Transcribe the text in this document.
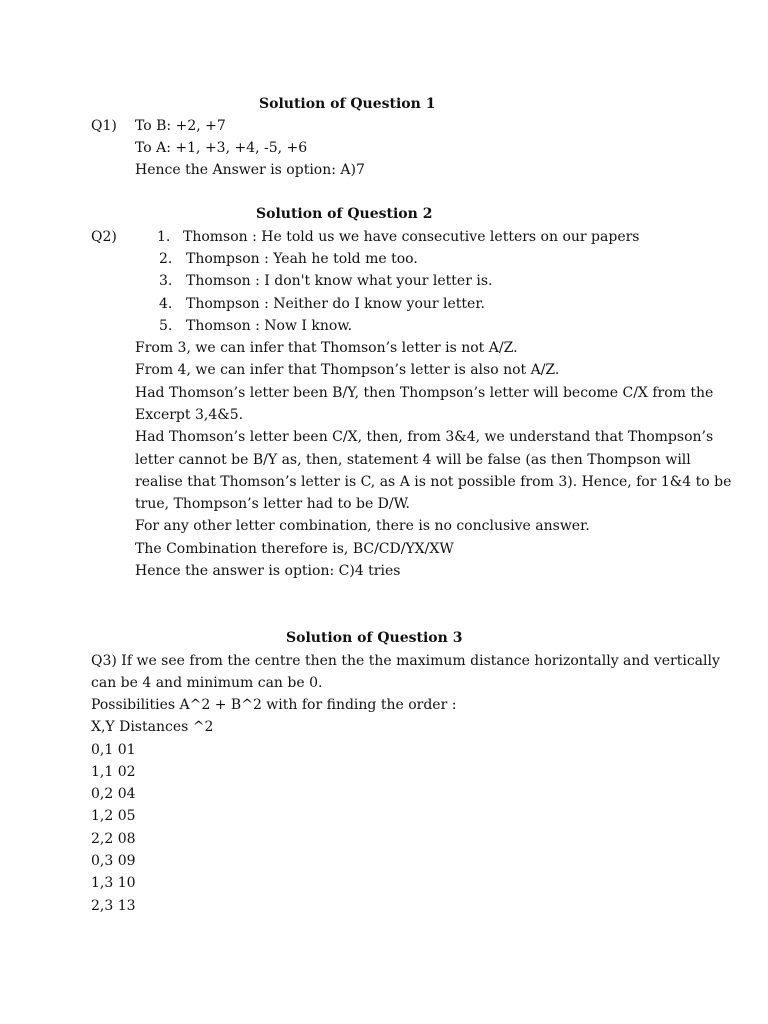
Solution of Question 1
Q1) To B: +2, +7
To A: +1, +3, +4, -5, +6
Hence the Answer is option: A)7
Solution of Question 2
Q2)	1. Thomson : He told us we have consecutive letters on our papers
2. Thompson : Yeah he told me too.
3. Thomson : I don't know what your letter is.
4. Thompson : Neither do I know your letter.
5. Thomson : Now I know.
From 3, we can infer that Thomson’s letter is not A/Z.
From 4, we can infer that Thompson’s letter is also not A/Z.
Had Thomson’s letter been B/Y, then Thompson’s letter will become C/X from the
Excerpt 3,4&5.
Had Thomson’s letter been C/X, then, from 3&4, we understand that Thompson’s
letter cannot be B/Y as, then, statement 4 will be false (as then Thompson will
realise that Thomson’s letter is C, as A is not possible from 3). Hence, for 1&4 to be
true, Thompson’s letter had to be D/W.
For any other letter combination, there is no conclusive answer.
The Combination therefore is, BC/CD/YX/XW
Hence the answer is option: C)4 tries
Solution of Question 3
Q3) If we see from the centre then the the maximum distance horizontally and vertically
can be 4 and minimum can be 0.
Possibilities A^2 + B^2 with for finding the order :
X,Y Distances ^2
0,1 01
1,1 02
0,2 04
1,2 05
2,2 08
0,3 09
1,3 10
2,3 13
